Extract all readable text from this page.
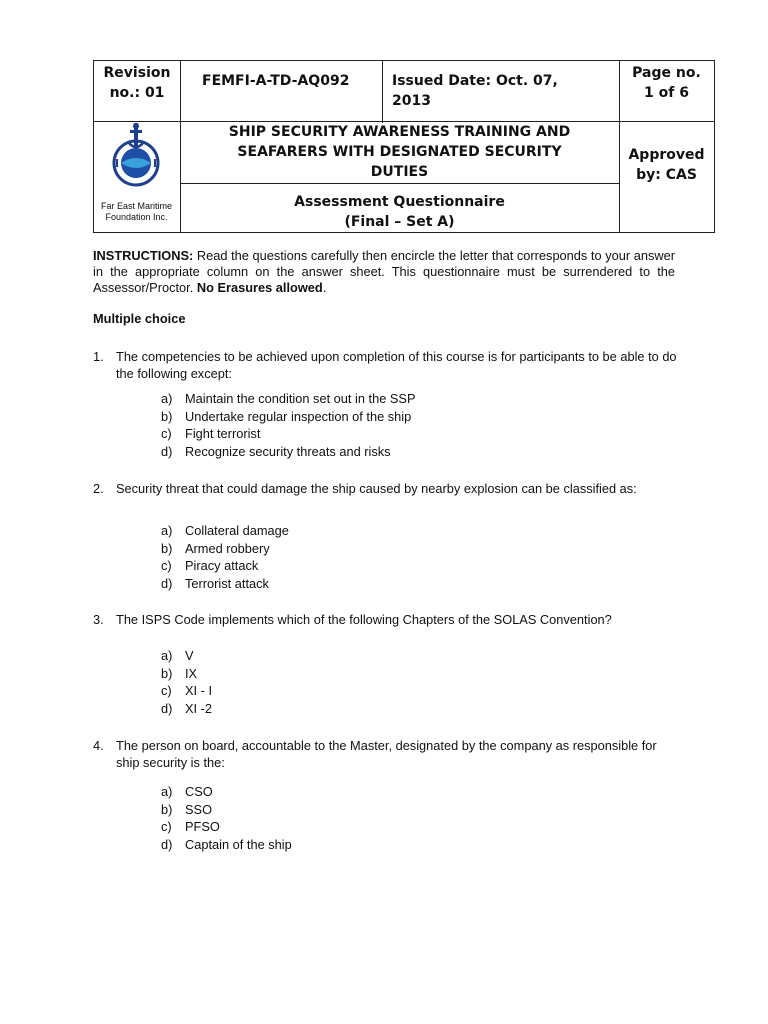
Revision
no.: 01
FEMFI-A-TD-AQ092	Issued Date: Oct. 07,
2013
Page no.
1 of 6
Far East Maritime
Foundation Inc.
SHIP SECURITY AWARENESS TRAINING AND
SEAFARERS WITH DESIGNATED SECURITY
DUTIES
Approved
by: CAS
Assessment Questionnaire
(Final – Set A)
INSTRUCTIONS: Read the questions carefully then encircle the letter that corresponds to your answer in the appropriate column on the answer sheet. This questionnaire must be surrendered to the Assessor/Proctor. No Erasures allowed.
Multiple choice
1. The competencies to be achieved upon completion of this course is for participants to be able to do the following except:
a) Maintain the condition set out in the SSP
b) Undertake regular inspection of the ship
c) Fight terrorist
d) Recognize security threats and risks
2. Security threat that could damage the ship caused by nearby explosion can be classified as:
a) Collateral damage
b) Armed robbery
c) Piracy attack
d) Terrorist attack
3. The ISPS Code implements which of the following Chapters of the SOLAS Convention?
a) V
b) IX
c) XI - I
d) XI -2
4. The person on board, accountable to the Master, designated by the company as responsible for ship security is the:
a) CSO
b) SSO
c) PFSO
d) Captain of the ship
